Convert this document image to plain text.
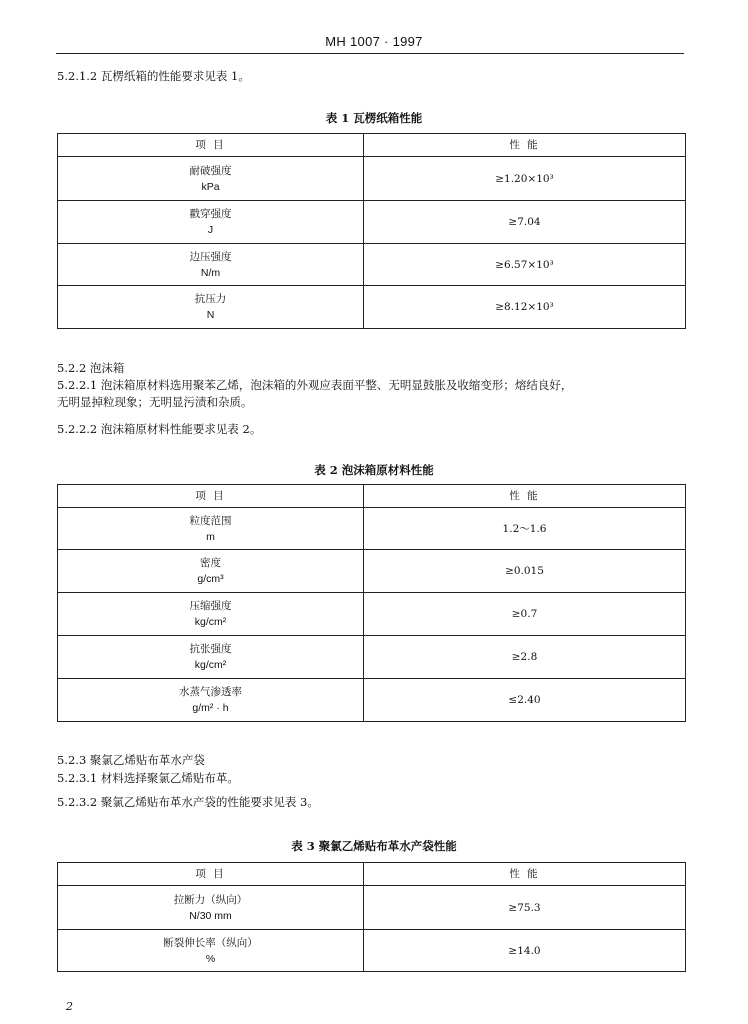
MH 1007 · 1997
5.2.1.2 瓦楞纸箱的性能要求见表 1。
表 1 瓦楞纸箱性能
项 目	性 能

耐破强度
kPa	≥1.20×10³

戳穿强度
J	≥7.04

边压强度
N/m	≥6.57×10³

抗压力
N	≥8.12×10³
5.2.2 泡沫箱
5.2.2.1 泡沫箱原材料选用聚苯乙烯，泡沫箱的外观应表面平整、无明显鼓胀及收缩变形；熔结良好，
无明显掉粒现象；无明显污渍和杂质。
5.2.2.2 泡沫箱原材料性能要求见表 2。
表 2 泡沫箱原材料性能
项 目	性 能

粒度范围
m	1.2～1.6

密度
g/cm³	≥0.015

压缩强度
kg/cm²	≥0.7

抗张强度
kg/cm²	≥2.8

水蒸气渗透率
g/m² · h	≤2.40
5.2.3 聚氯乙烯贴布革水产袋
5.2.3.1 材料选择聚氯乙烯贴布革。
5.2.3.2 聚氯乙烯贴布革水产袋的性能要求见表 3。
表 3 聚氯乙烯贴布革水产袋性能
项 目	性 能

拉断力（纵向）
N/30 mm	≥75.3

断裂伸长率（纵向）
%	≥14.0
2
